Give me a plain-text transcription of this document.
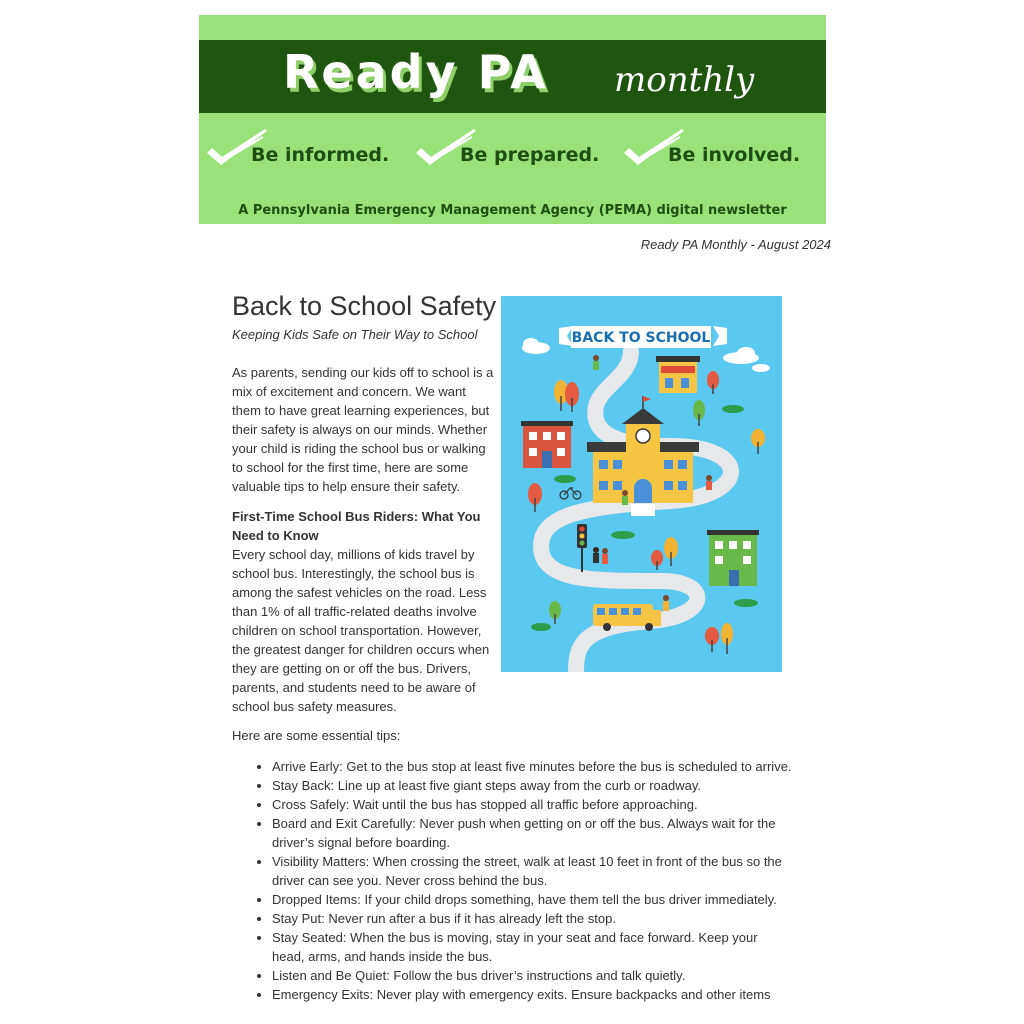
Ready PA monthly
Be informed.	Be prepared.	Be involved.
A Pennsylvania Emergency Management Agency (PEMA) digital newsletter
Ready PA Monthly - August 2024
Back to School Safety

Keeping Kids Safe on Their Way to School

As parents, sending our kids off to school is a mix of excitement and concern. We want them to have great learning experiences, but their safety is always on our minds. Whether your child is riding the school bus or walking to school for the first time, here are some valuable tips to help ensure their safety.

First-Time School Bus Riders: What You Need to Know

Every school day, millions of kids travel by school bus. Interestingly, the school bus is among the safest vehicles on the road. Less than 1% of all traffic-related deaths involve children on school transportation. However, the greatest danger for children occurs when they are getting on or off the bus. Drivers, parents, and students need to be aware of school bus safety measures.

Here are some essential tips:

• Arrive Early: Get to the bus stop at least five minutes before the bus is scheduled to arrive.
• Stay Back: Line up at least five giant steps away from the curb or roadway.
• Cross Safely: Wait until the bus has stopped all traffic before approaching.
• Board and Exit Carefully: Never push when getting on or off the bus. Always wait for the driver’s signal before boarding.
• Visibility Matters: When crossing the street, walk at least 10 feet in front of the bus so the driver can see you. Never cross behind the bus.
• Dropped Items: If your child drops something, have them tell the bus driver immediately.
• Stay Put: Never run after a bus if it has already left the stop.
• Stay Seated: When the bus is moving, stay in your seat and face forward. Keep your head, arms, and hands inside the bus.
• Listen and Be Quiet: Follow the bus driver’s instructions and talk quietly.
• Emergency Exits: Never play with emergency exits. Ensure backpacks and other items
BACK TO SCHOOL
